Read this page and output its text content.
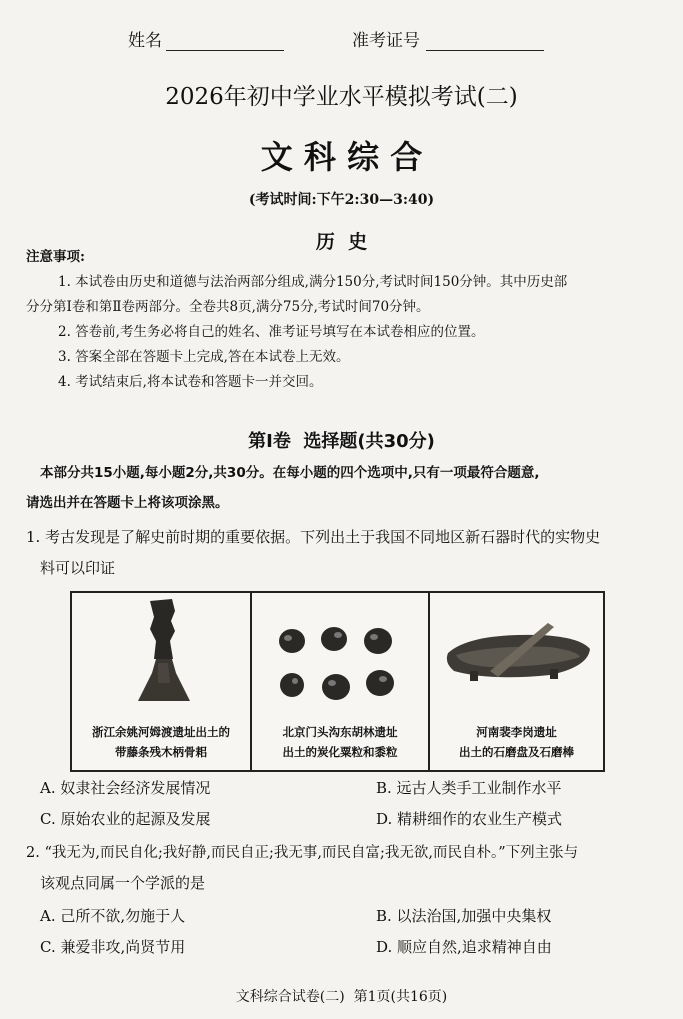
姓名	准考证号
2026年初中学业水平模拟考试(二)
文 科 综 合
(考试时间:下午2:30—3:40)
历  史
注意事项:
1. 本试卷由历史和道德与法治两部分组成,满分150分,考试时间150分钟。其中历史部
分分第Ⅰ卷和第Ⅱ卷两部分。全卷共8页,满分75分,考试时间70分钟。
2. 答卷前,考生务必将自己的姓名、准考证号填写在本试卷相应的位置。
3. 答案全部在答题卡上完成,答在本试卷上无效。
4. 考试结束后,将本试卷和答题卡一并交回。
第Ⅰ卷  选择题(共30分)
本部分共15小题,每小题2分,共30分。在每小题的四个选项中,只有一项最符合题意,
请选出并在答题卡上将该项涂黑。
1. 考古发现是了解史前时期的重要依据。下列出土于我国不同地区新石器时代的实物史
料可以印证
浙江余姚河姆渡遗址出土的
带藤条残木柄骨耜
北京门头沟东胡林遗址
出土的炭化粟粒和黍粒
河南裴李岗遗址
出土的石磨盘及石磨棒
A. 奴隶社会经济发展情况	B. 远古人类手工业制作水平
C. 原始农业的起源及发展	D. 精耕细作的农业生产模式
2. “我无为,而民自化;我好静,而民自正;我无事,而民自富;我无欲,而民自朴。”下列主张与
该观点同属一个学派的是
A. 己所不欲,勿施于人	B. 以法治国,加强中央集权
C. 兼爱非攻,尚贤节用	D. 顺应自然,追求精神自由
文科综合试卷(二)  第1页(共16页)
